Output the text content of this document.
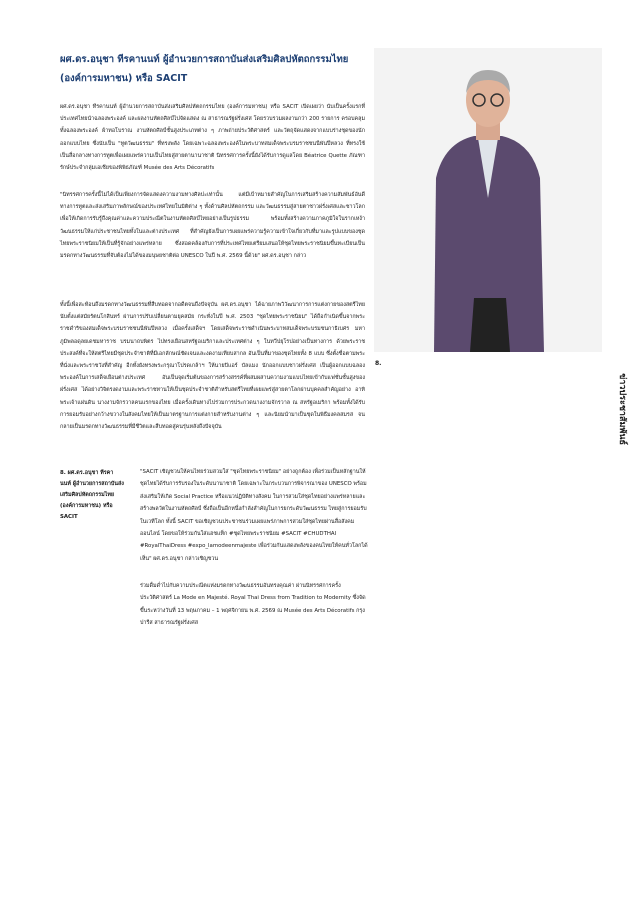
ผศ.ดร.อนุชา ทีรคานนท์ ผู้อำนวยการสถาบันส่งเสริมศิลปหัตถกรรมไทย (องค์การมหาชน) หรือ SACIT

ผศ.ดร.อนุชา ทีรคานนท์ ผู้อำนวยการสถาบันส่งเสริมศิลปหัตถกรรมไทย (องค์การมหาชน) หรือ SACIT เปิดเผยว่า นับเป็นครั้งแรกที่ประเทศไทยนำฉลองพระองค์ และผลงานหัตถศิลป์ไปจัดแสดง ณ สาธารณรัฐฝรั่งเศส โดยรวบรวมผลงานกว่า 200 รายการ ครอบคลุมทั้งฉลองพระองค์ ผ้าทอโบราณ งานหัตถศิลป์ชั้นสูงประเภทต่าง ๆ ภาพถ่ายประวัติศาสตร์ และวัตถุจัดแสดงจากแบบร่างชุดของนักออกแบบไทย ซึ่งนับเป็น "ทูตวัฒนธรรม" ที่ทรงพลัง โดยเฉพาะฉลองพระองค์ในพระบาทสมเด็จพระบรมราชชนนีพันปีหลวง ที่ทรงใช้เป็นสื่อกลางทางการทูตเพื่อเผยแพร่ความเป็นไทยสู่สายตานานาชาติ นิทรรศการครั้งนี้ยังได้รับการดูแลโดย Béatrice Quette ภัณฑารักษ์ประจำกลุ่มเอเชียของพิพิธภัณฑ์ Musée des Arts Décoratifs

"นิทรรศการครั้งนี้ไม่ได้เป็นเพียงการจัดแสดงความงามทางศิลปะเท่านั้น แต่มีเป้าหมายสำคัญในการเสริมสร้างความสัมพันธ์อันดีทางการทูตและส่งเสริมภาพลักษณ์ของประเทศไทยในมิติต่าง ๆ ทั้งด้านศิลปหัตถกรรม และวัฒนธรรมสู่สายตาชาวฝรั่งเศสและชาวโลก เพื่อให้เกิดการรับรู้ถึงคุณค่าและความประณีตในงานหัตถศิลป์ไทยอย่างเป็นรูปธรรม พร้อมทั้งสร้างความภาคภูมิใจในรากเหง้าวัฒนธรรมให้แก่ประชาชนไทยทั้งในและต่างประเทศ ที่สำคัญยังเป็นการเผยแพร่ความรู้ความเข้าใจเกี่ยวกับที่มาและรูปแบบของชุดไทยพระราชนิยมให้เป็นที่รู้จักอย่างแพร่หลาย ซึ่งสอดคล้องกับการที่ประเทศไทยเตรียมเสนอให้ชุดไทยพระราชนิยมขึ้นทะเบียนเป็นมรดกทางวัฒนธรรมที่จับต้องไม่ได้ของมนุษยชาติต่อ UNESCO ในปี พ.ศ. 2569 นี้ด้วย" ผศ.ดร.อนุชา กล่าว

ทั้งนี้เพื่อสะท้อนถึงมรดกทางวัฒนธรรมที่สืบทอดจากอดีตจนถึงปัจจุบัน ผศ.ดร.อนุชา ได้ฉายภาพวิวัฒนาการการแต่งกายของสตรีไทยนับตั้งแต่สมัยรัตนโกสินทร์ ผ่านการปรับเปลี่ยนตามยุคสมัย กระทั่งในปี พ.ศ. 2503 "ชุดไทยพระราชนิยม" ได้ถือกำเนิดขึ้นจากพระราชดำริของสมเด็จพระบรมราชชนนีพันปีหลวง เมื่อครั้งเสด็จฯ โดยเสด็จพระราชดำเนินพระบาทสมเด็จพระบรมชนกาธิเบศร มหาภูมิพลอดุลยเดชมหาราช บรมนาถบพิตร ไปทรงเยือนสหรัฐอเมริกาและประเทศต่าง ๆ ในทวีปยุโรปอย่างเป็นทางการ ด้วยพระราชประสงค์ที่จะให้สตรีไทยมีชุดประจำชาติที่มีเอกลักษณ์ชัดเจนและงดงามเทียบสากล อันเป็นที่มาของชุดไทยทั้ง 8 แบบ ซึ่งตั้งชื่อตามพระที่นั่งและพระราชวังที่สำคัญ อีกทั้งยังทรงพระกรุณาโปรดเกล้าฯ ให้นายปิแอร์ บัลแมง นักออกแบบชาวฝรั่งเศส เป็นผู้ออกแบบฉลองพระองค์ในการเสด็จเยือนต่างประเทศ อันเป็นจุดเริ่มต้นของการสร้างสรรค์ที่ผสมผสานความงามแบบไทยเข้ากับแฟชั่นชั้นสูงของฝรั่งเศส ได้อย่างวิจิตรงดงามและพระราชทานให้เป็นชุดประจำชาติสำหรับสตรีไทยที่เผยแพร่สู่สายตาโลกผ่านบุคคลสำคัญอย่าง อาทิ พระเจ้าแผ่นดิน นางงามจักรวาลคนแรกของไทย เมื่อครั้งเดินทางไปร่วมการประกวดนางงามจักรวาล ณ สหรัฐอเมริกา พร้อมทั้งได้รับการยอมรับอย่างกว้างขวางในสังคมไทยให้เป็นมาตรฐานการแต่งกายสำหรับงานต่าง ๆ และนิยมนำมาเป็นชุดในพิธีมงคลสมรส จนกลายเป็นมรดกทางวัฒนธรรมที่มีชีวิตและสืบทอดสู่คนรุ่นหลังถึงปัจจุบัน

8.
ข่าวประชาสัมพันธ์
8. ผศ.ดร.อนุชา ทีรคานนท์ ผู้อำนวยการสถาบันส่งเสริมศิลปหัตถกรรมไทย (องค์การมหาชน) หรือ SACIT

"SACIT เชิญชวนให้คนไทยร่วมสวมใส่ "ชุดไทยพระราชนิยม" อย่างถูกต้อง เพื่อร่วมเป็นหลักฐานให้ชุดไทยได้รับการรับรองในระดับนานาชาติ โดยเฉพาะในกระบวนการพิจารณาของ UNESCO พร้อมส่งเสริมให้เกิด Social Practice หรือแนวปฏิบัติทางสังคม ในการสวมใส่ชุดไทยอย่างแพร่หลายและสร้างพลวัตในงานหัตถศิลป์ ซึ่งถือเป็นอีกหนึ่งกำลังสำคัญในการยกระดับวัฒนธรรม ไทยสู่การยอมรับในเวทีโลก ทั้งนี้ SACIT ขอเชิญชวนประชาชนร่วมเผยแพร่ภาพการสวมใส่ชุดไทยผ่านสื่อสังคมออนไลน์ โดยขอให้ร่วมกันใส่แฮชแท็ก #ชุดไทยพระราชนิยม #SACIT #CHUDTHAI #RoyalThaiDress #expo_lamodeenmajeste เพื่อร่วมกันแสดงพลังของคนไทยให้คนทั่วโลกได้เห็น" ผศ.ดร.อนุชา กล่าวเชิญชวน

ร่วมดื่มด่ำไปกับความประณีตแห่งมรดกทางวัฒนธรรมอันทรงคุณค่า ผ่านนิทรรศการครั้งประวัติศาสตร์ La Mode en Majesté. Royal Thai Dress from Tradition to Modernity ซึ่งจัดขึ้นระหว่างวันที่ 13 พฤษภาคม – 1 พฤศจิกายน พ.ศ. 2569 ณ Musée des Arts Décoratifs กรุงปารีส สาธารณรัฐฝรั่งเศส
